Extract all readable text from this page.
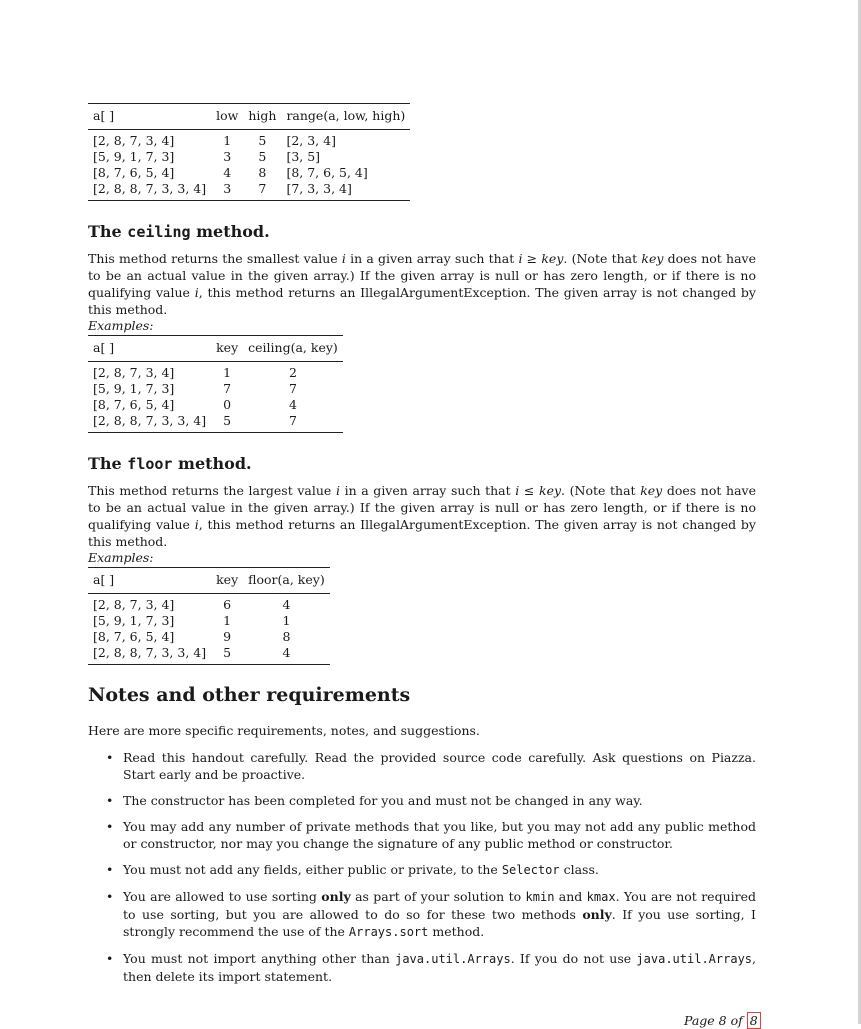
a[ ]	low	high	range(a, low, high)
[2, 8, 7, 3, 4]	1	5	[2, 3, 4]
[5, 9, 1, 7, 3]	3	5	[3, 5]
[8, 7, 6, 5, 4]	4	8	[8, 7, 6, 5, 4]
[2, 8, 8, 7, 3, 3, 4]	3	7	[7, 3, 3, 4]
The ceiling method.

This method returns the smallest value i in a given array such that i ≥ key. (Note that key does not have to be an actual value in the given array.) If the given array is null or has zero length, or if there is no qualifying value i, this method returns an IllegalArgumentException. The given array is not changed by this method.

Examples:

a[ ]	key	ceiling(a, key)
[2, 8, 7, 3, 4]	1	2
[5, 9, 1, 7, 3]	7	7
[8, 7, 6, 5, 4]	0	4
[2, 8, 8, 7, 3, 3, 4]	5	7
The floor method.

This method returns the largest value i in a given array such that i ≤ key. (Note that key does not have to be an actual value in the given array.) If the given array is null or has zero length, or if there is no qualifying value i, this method returns an IllegalArgumentException. The given array is not changed by this method.

Examples:

a[ ]	key	floor(a, key)
[2, 8, 7, 3, 4]	6	4
[5, 9, 1, 7, 3]	1	1
[8, 7, 6, 5, 4]	9	8
[2, 8, 8, 7, 3, 3, 4]	5	4
Notes and other requirements

Here are more specific requirements, notes, and suggestions.

• Read this handout carefully. Read the provided source code carefully. Ask questions on Piazza. Start early and be proactive.
• The constructor has been completed for you and must not be changed in any way.
• You may add any number of private methods that you like, but you may not add any public method or constructor, nor may you change the signature of any public method or constructor.
• You must not add any fields, either public or private, to the Selector class.
• You are allowed to use sorting only as part of your solution to kmin and kmax. You are not required to use sorting, but you are allowed to do so for these two methods only. If you use sorting, I strongly recommend the use of the Arrays.sort method.
• You must not import anything other than java.util.Arrays. If you do not use java.util.Arrays, then delete its import statement.
Page 8 of 8
